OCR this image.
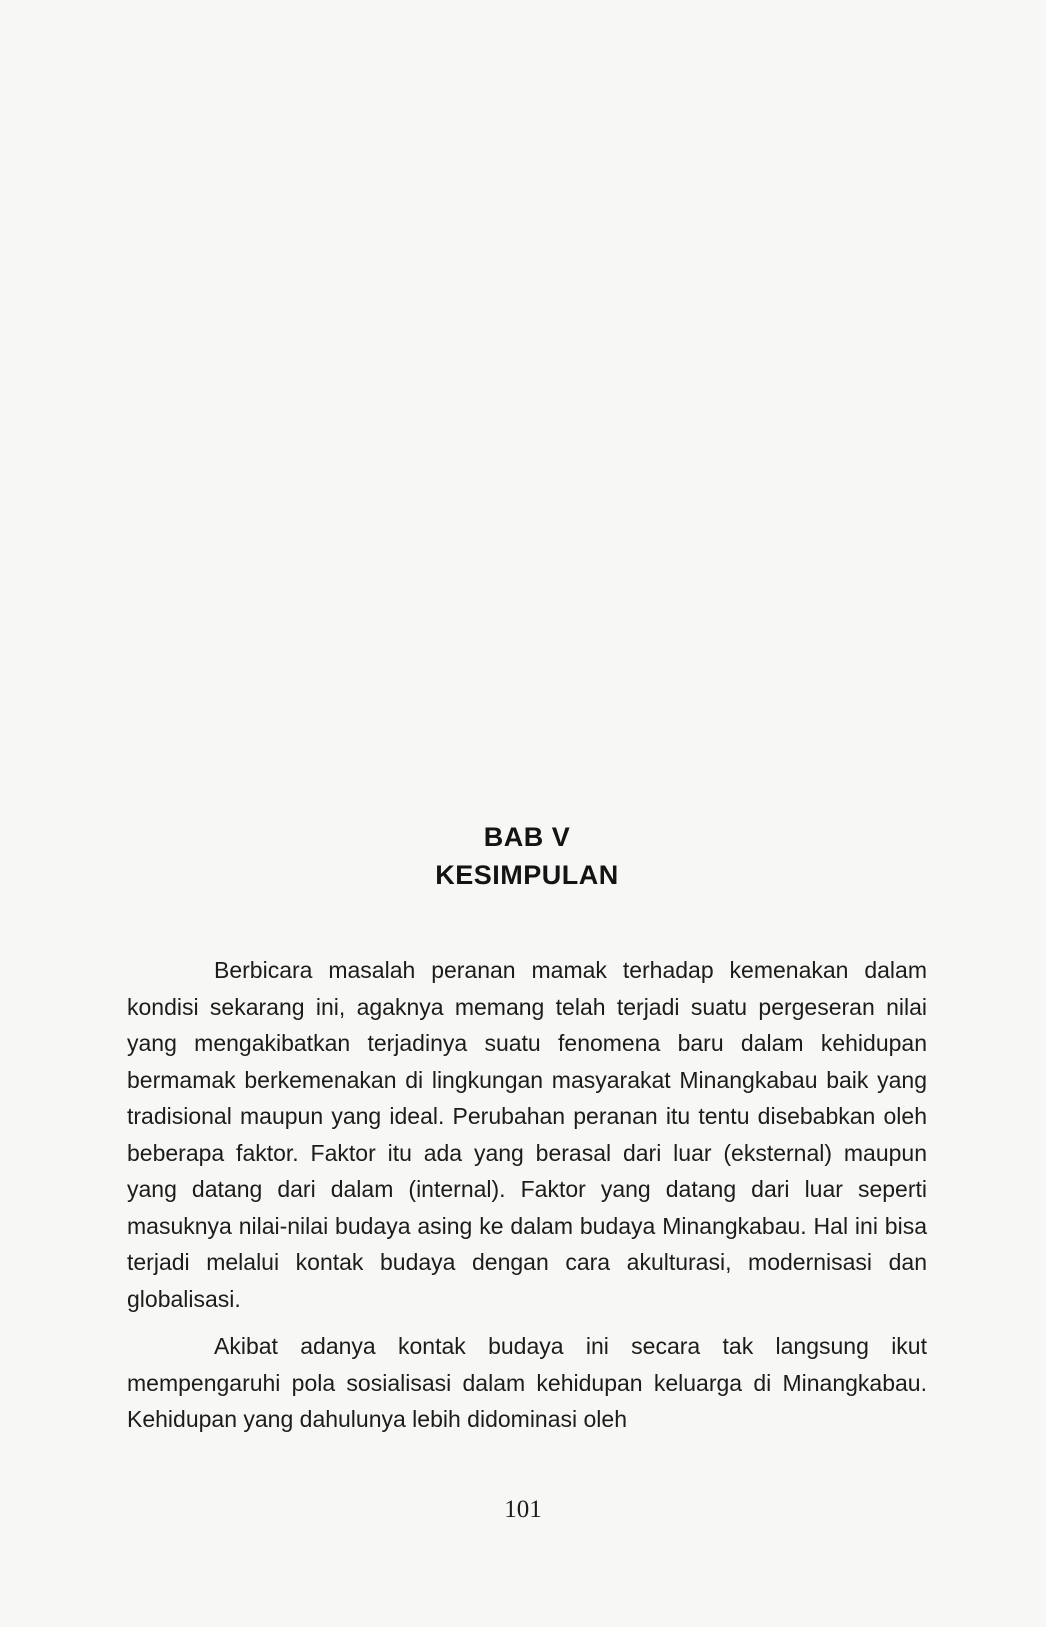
BAB V
KESIMPULAN

Berbicara masalah peranan mamak terhadap kemenakan dalam kondisi sekarang ini, agaknya memang telah terjadi suatu pergeseran nilai yang mengakibatkan terjadinya suatu fenomena baru dalam kehidupan bermamak berkemenakan di lingkungan masyarakat Minangkabau baik yang tradisional maupun yang ideal. Perubahan peranan itu tentu disebabkan oleh beberapa faktor. Faktor itu ada yang berasal dari luar (eksternal) maupun yang datang dari dalam (internal). Faktor yang datang dari luar seperti masuknya nilai-nilai budaya asing ke dalam budaya Minangkabau. Hal ini bisa terjadi melalui kontak budaya dengan cara akulturasi, modernisasi dan globalisasi.

Akibat adanya kontak budaya ini secara tak langsung ikut mempengaruhi pola sosialisasi dalam kehidupan keluarga di Minangkabau. Kehidupan yang dahulunya lebih didominasi oleh

101
